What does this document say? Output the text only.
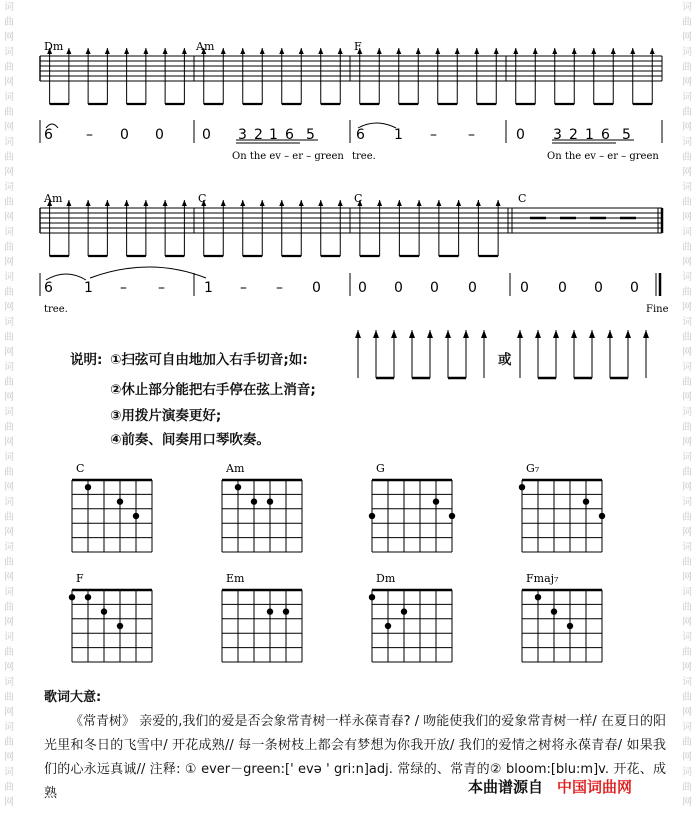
词
曲
网
词
曲
网
词
曲
网
词
曲
网
词
曲
网
词
曲
网
词
曲
网
词
曲
网
词
曲
网
词
曲
网
词
曲
网
词
曲
网
词
曲
网
词
曲
网
词
曲
网
词
曲
网
词
曲
网
词
曲
网
词
曲
网
词
曲
网
词
曲
网
词
曲
网
词
曲
网
词
曲
网
词
曲
网
词
曲
网
词
曲
网
词
曲
网
词
曲
网
词
曲
网
词
曲
网
词
曲
网
词
曲
网
词
曲
网
词
曲
网
词
曲
网
Dm	Am	F
6 – 0 0	0 3 2 1 6 5	6 1 – –	0 3 2 1 6 5
On the ev – er – green tree.	On the ev – er – green
Am	C	C	C
6 1 – –	1 – – 0	0 0 0 0	0 0 0 0
tree.	Fine
C	Am	G	G₇
F	Em	Dm	Fmaj₇
说明: ①扫弦可自由地加入右手切音;如:
②休止部分能把右手停在弦上消音;
③用拨片演奏更好;
④前奏、间奏用口琴吹奏。
或
歌词大意:

《常青树》 亲爱的,我们的爱是否会象常青树一样永葆青春? / 吻能使我们的爱象常青树一样/ 在夏日的阳光里和冬日的飞雪中/ 开花成熟// 每一条树枝上都会有梦想为你我开放/ 我们的爱情之树将永葆青春/ 如果我们的心永远真诚// 注释: ① ever－green:[' evə ' gri:n]adj. 常绿的、常青的② bloom:[blu:m]v. 开花、成熟	本曲谱源自 中国词曲网
